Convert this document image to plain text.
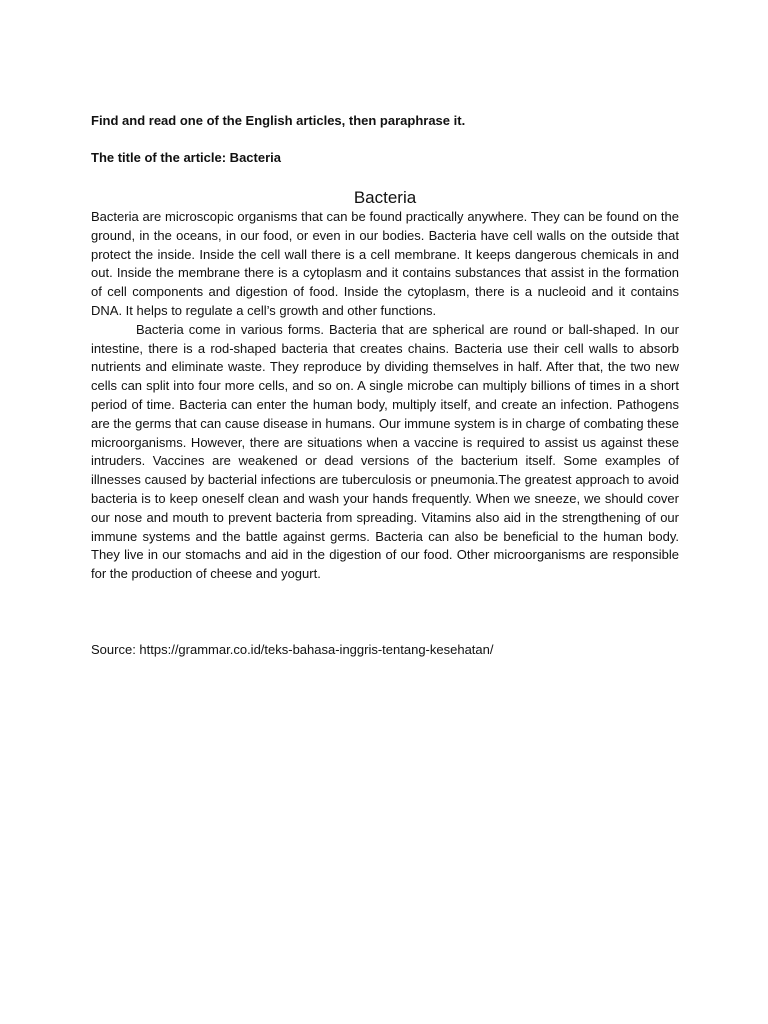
Find and read one of the English articles, then paraphrase it.
The title of the article: Bacteria
Bacteria

Bacteria are microscopic organisms that can be found practically anywhere. They can be found on the ground, in the oceans, in our food, or even in our bodies. Bacteria have cell walls on the outside that protect the inside. Inside the cell wall there is a cell membrane. It keeps dangerous chemicals in and out. Inside the membrane there is a cytoplasm and it contains substances that assist in the formation of cell components and digestion of food. Inside the cytoplasm, there is a nucleoid and it contains DNA. It helps to regulate a cell’s growth and other functions.

Bacteria come in various forms. Bacteria that are spherical are round or ball-shaped. In our intestine, there is a rod-shaped bacteria that creates chains. Bacteria use their cell walls to absorb nutrients and eliminate waste. They reproduce by dividing themselves in half. After that, the two new cells can split into four more cells, and so on. A single microbe can multiply billions of times in a short period of time. Bacteria can enter the human body, multiply itself, and create an infection. Pathogens are the germs that can cause disease in humans. Our immune system is in charge of combating these microorganisms. However, there are situations when a vaccine is required to assist us against these intruders. Vaccines are weakened or dead versions of the bacterium itself. Some examples of illnesses caused by bacterial infections are tuberculosis or pneumonia.The greatest approach to avoid bacteria is to keep oneself clean and wash your hands frequently. When we sneeze, we should cover our nose and mouth to prevent bacteria from spreading. Vitamins also aid in the strengthening of our immune systems and the battle against germs. Bacteria can also be beneficial to the human body. They live in our stomachs and aid in the digestion of our food. Other microorganisms are responsible for the production of cheese and yogurt.

Source: https://grammar.co.id/teks-bahasa-inggris-tentang-kesehatan/
